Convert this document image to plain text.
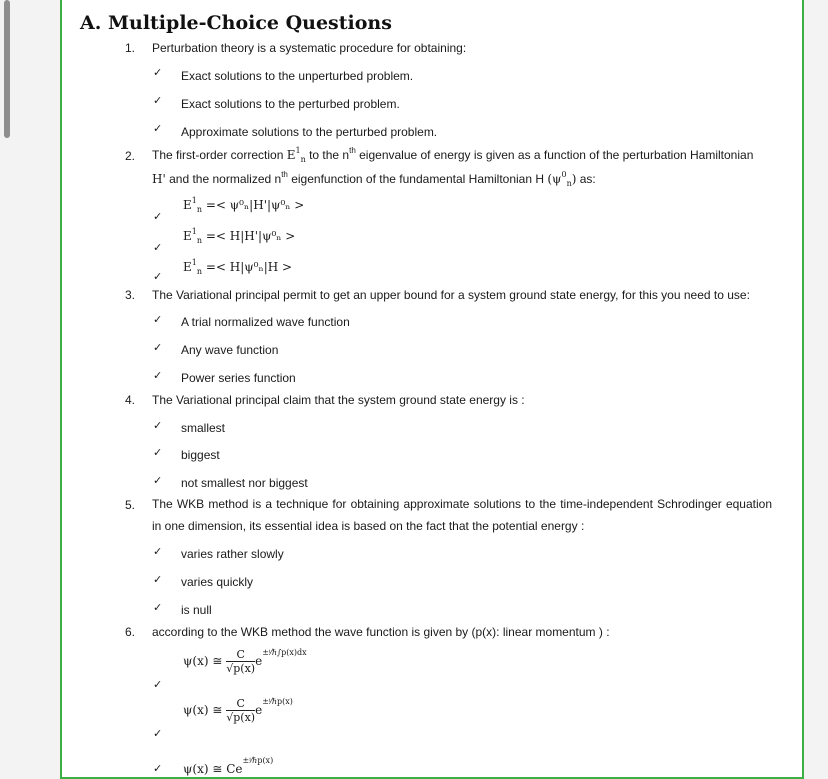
A. Multiple-Choice Questions
1. Perturbation theory is a systematic procedure for obtaining:
✓ Exact solutions to the unperturbed problem.
✓ Exact solutions to the perturbed problem.
✓ Approximate solutions to the perturbed problem.
2. The first-order correction $E^1_n$ to the $n^{th}$ eigenvalue of energy is given as a function of the perturbation Hamiltonian
H' and the normalized $n^{th}$ eigenfunction of the fundamental Hamiltonian H $(\psi^0_n)$ as:
$E^1_n =< \psi^0_n|H'|\psi^0_n$ >
✓
$E^1_n =< H|H'|\psi^0_n$ >
✓
$E^1_n =< H|\psi^0_n|H$ >
✓
3. The Variational principal permit to get an upper bound for a system ground state energy, for this you need to use:
✓ A trial normalized wave function
✓ Any wave function
✓ Power series function
4. The Variational principal claim that the system ground state energy is :
✓ smallest
✓ biggest
✓ not smallest nor biggest
5. The WKB method is a technique for obtaining approximate solutions to the time-independent Schrodinger equation in one dimension, its essential idea is based on the fact that the potential energy :
✓ varies rather slowly
✓ varies quickly
✓ is null
6. according to the WKB method the wave function is given by (p(x): linear momentum ) :
ψ(x) ≅ $\frac{C}{√p(x)} e^{\pm^i⁄\hbar\int p(x)dx}$
✓
ψ(x) ≅ $\frac{C}{√p(x)} e^{\pm^i⁄\hbar p(x)}$
✓
ψ(x) ≅ $Ce^{\pm^i⁄\hbar p(x)}$
✓
